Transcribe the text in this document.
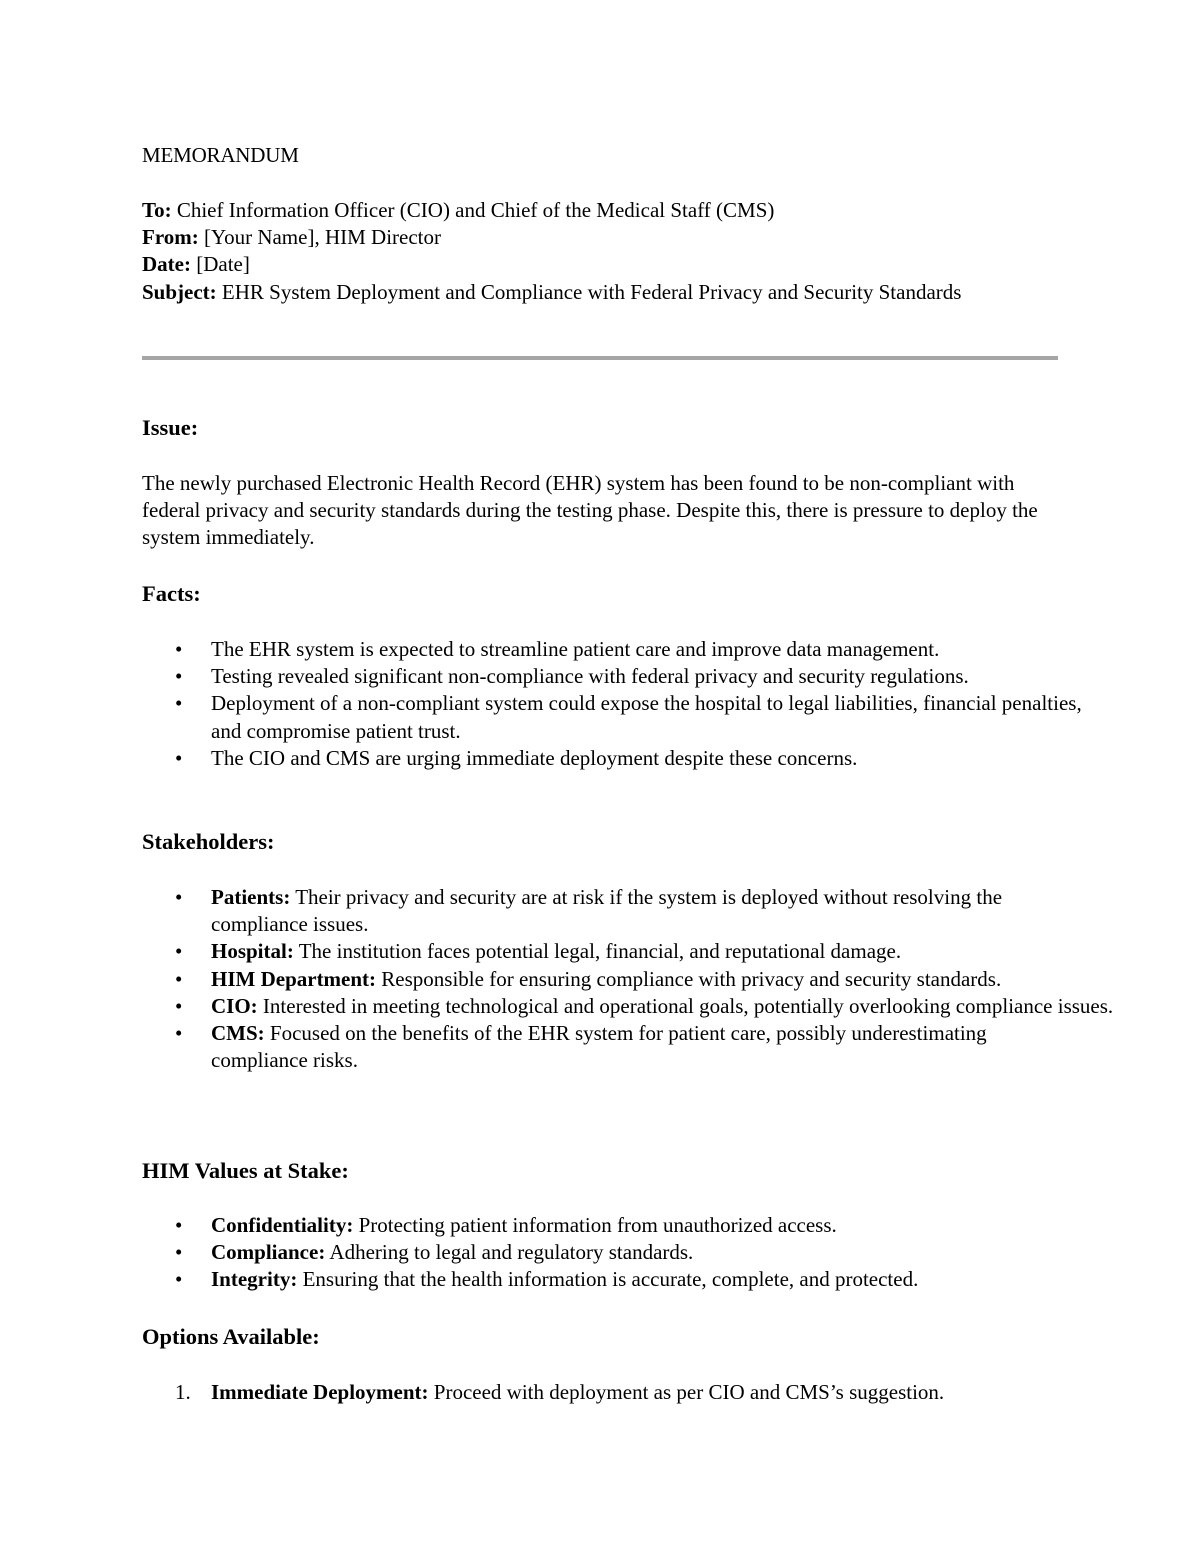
MEMORANDUM
To: Chief Information Officer (CIO) and Chief of the Medical Staff (CMS)
From: [Your Name], HIM Director
Date: [Date]
Subject: EHR System Deployment and Compliance with Federal Privacy and Security Standards
Issue:
The newly purchased Electronic Health Record (EHR) system has been found to be non-compliant with federal privacy and security standards during the testing phase. Despite this, there is pressure to deploy the system immediately.
Facts:
• The EHR system is expected to streamline patient care and improve data management.
• Testing revealed significant non-compliance with federal privacy and security regulations.
• Deployment of a non-compliant system could expose the hospital to legal liabilities, financial penalties, and compromise patient trust.
• The CIO and CMS are urging immediate deployment despite these concerns.
Stakeholders:
• Patients: Their privacy and security are at risk if the system is deployed without resolving the compliance issues.
• Hospital: The institution faces potential legal, financial, and reputational damage.
• HIM Department: Responsible for ensuring compliance with privacy and security standards.
• CIO: Interested in meeting technological and operational goals, potentially overlooking compliance issues.
• CMS: Focused on the benefits of the EHR system for patient care, possibly underestimating compliance risks.
HIM Values at Stake:
• Confidentiality: Protecting patient information from unauthorized access.
• Compliance: Adhering to legal and regulatory standards.
• Integrity: Ensuring that the health information is accurate, complete, and protected.
Options Available:
1. Immediate Deployment: Proceed with deployment as per CIO and CMS’s suggestion.
